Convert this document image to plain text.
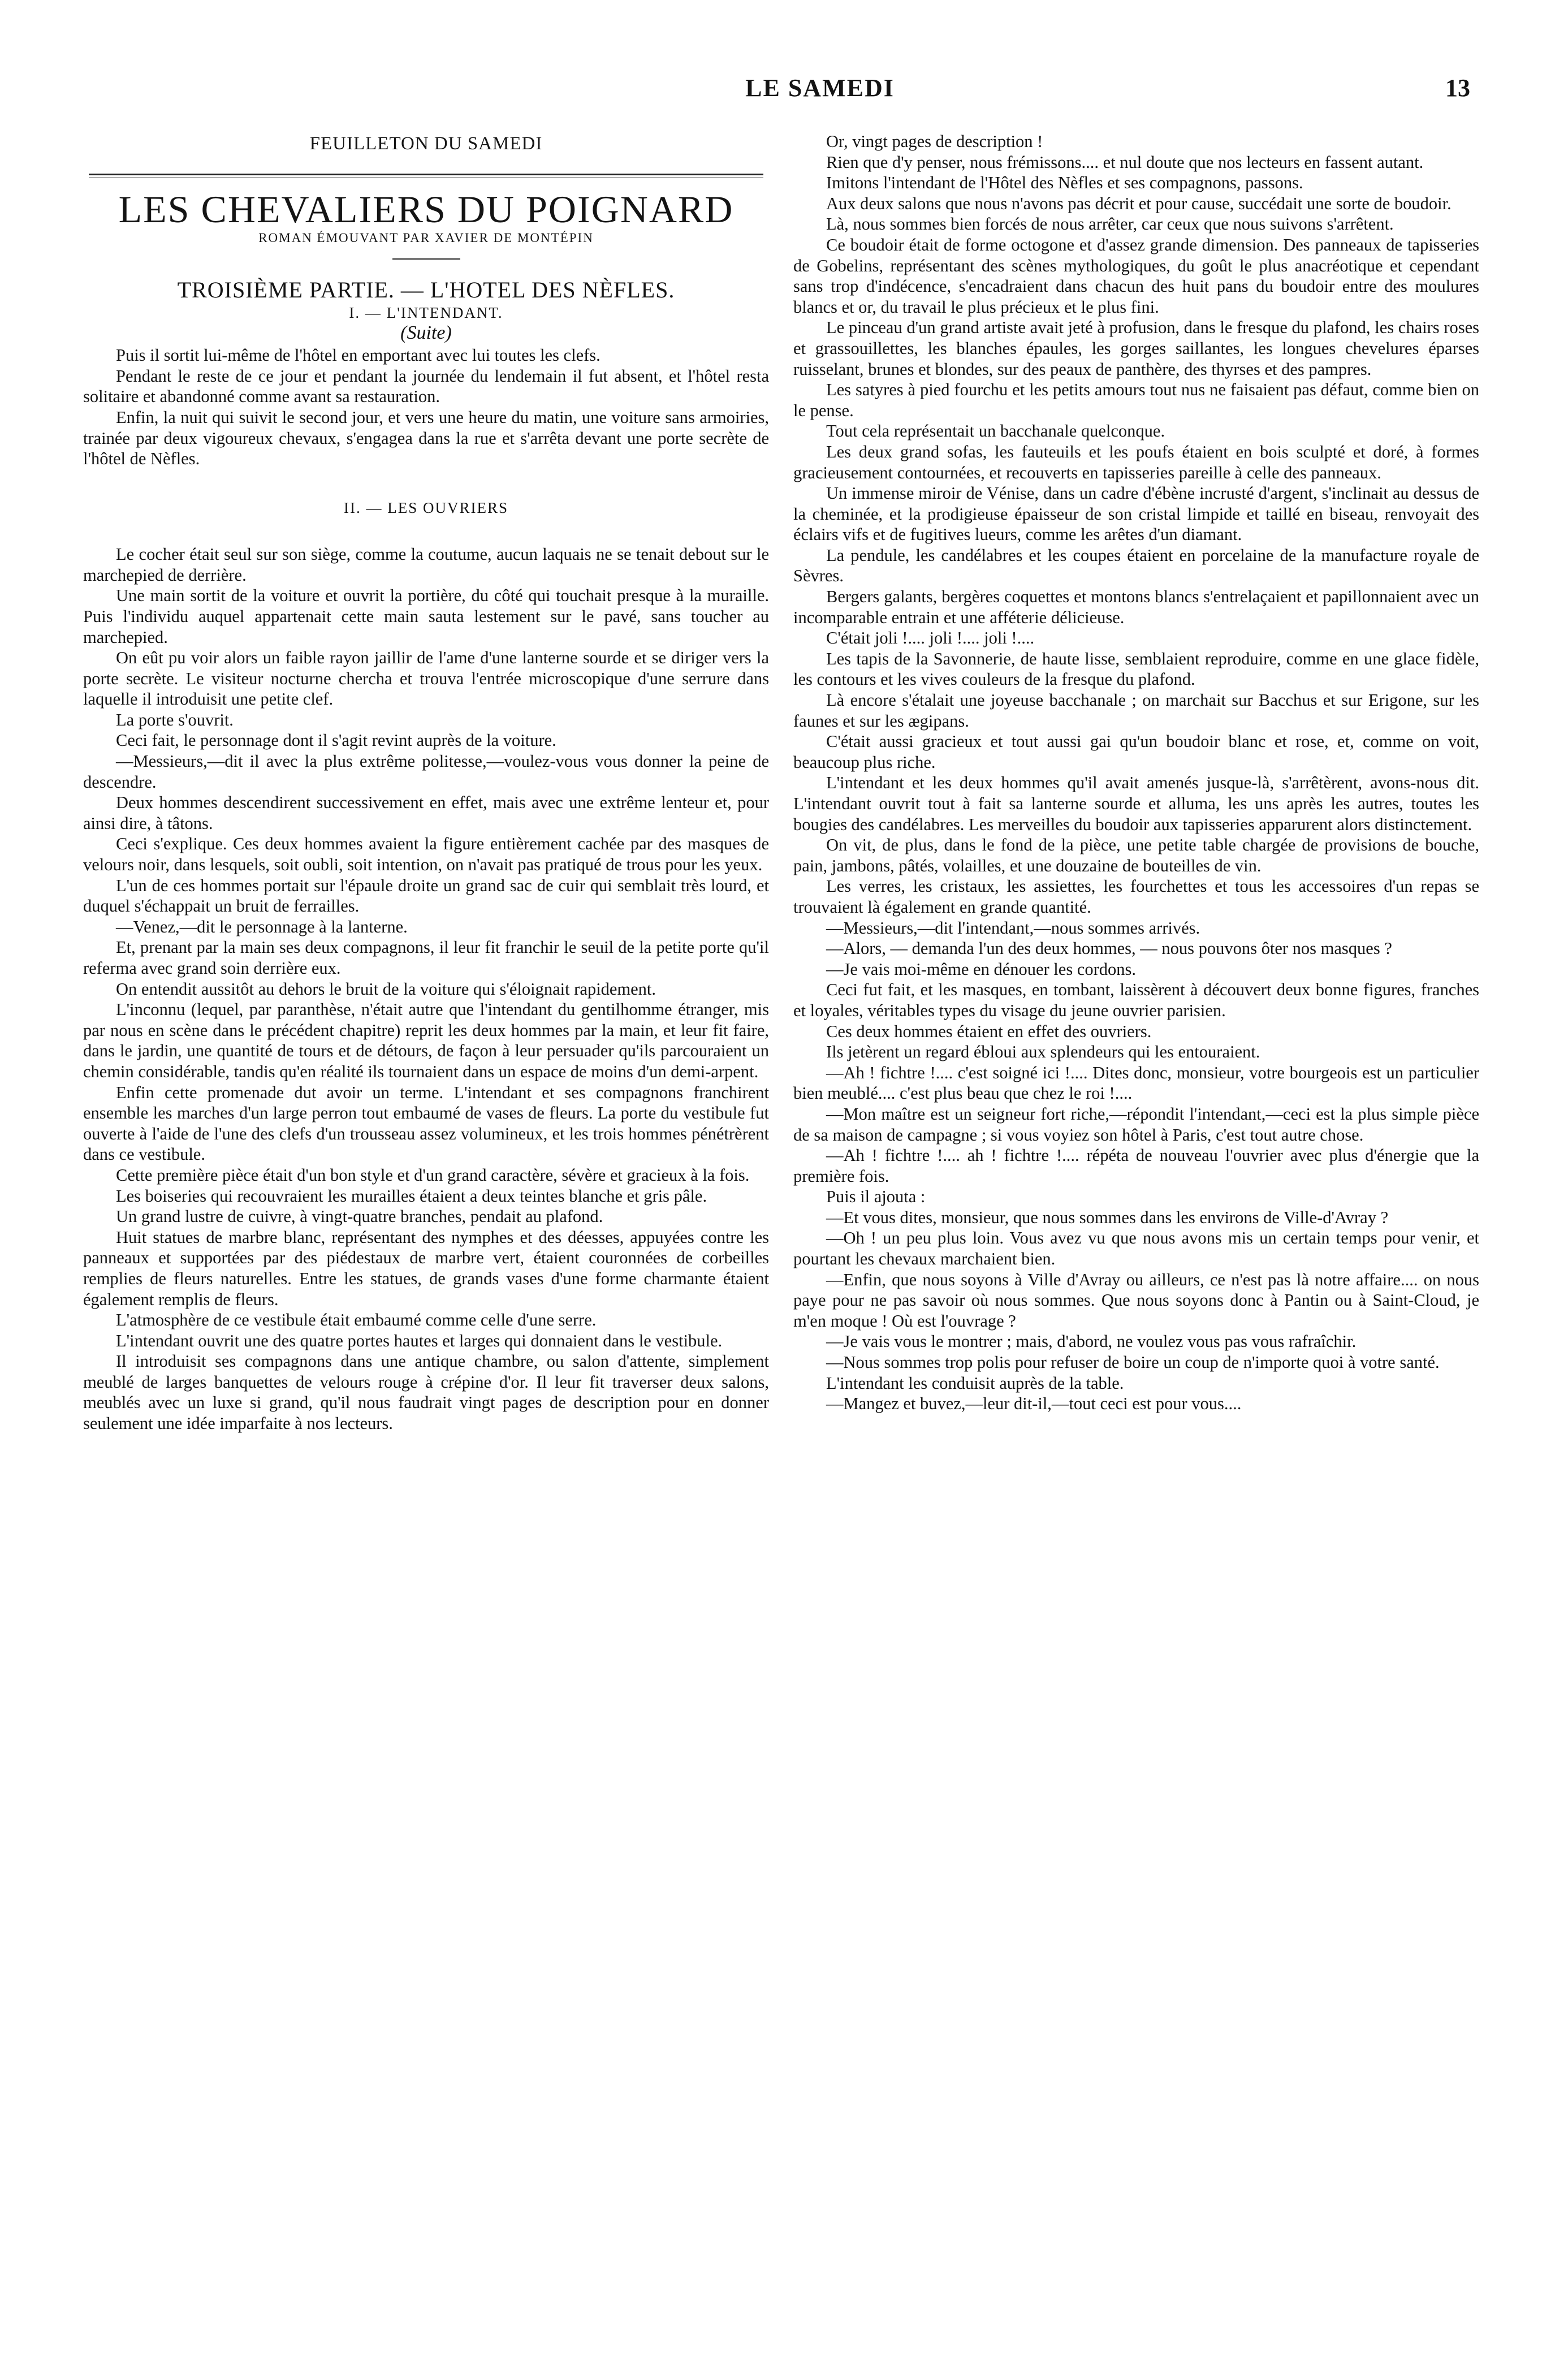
LE SAMEDI	13

FEUILLETON DU SAMEDI

LES CHEVALIERS DU POIGNARD

ROMAN ÉMOUVANT PAR XAVIER DE MONTÉPIN

TROISIÈME PARTIE. — L'HOTEL DES NÈFLES.

I. — L'INTENDANT.

(Suite)

Puis il sortit lui-même de l'hôtel en emportant avec lui toutes les clefs.

Pendant le reste de ce jour et pendant la journée du lendemain il fut absent, et l'hôtel resta solitaire et abandonné comme avant sa restauration.

Enfin, la nuit qui suivit le second jour, et vers une heure du matin, une voiture sans armoiries, trainée par deux vigoureux chevaux, s'engagea dans la rue et s'arrêta devant une porte secrète de l'hôtel de Nèfles.

II. — LES OUVRIERS

Le cocher était seul sur son siège, comme la coutume, aucun laquais ne se tenait debout sur le marchepied de derrière.

Une main sortit de la voiture et ouvrit la portière, du côté qui touchait presque à la muraille. Puis l'individu auquel appartenait cette main sauta lestement sur le pavé, sans toucher au marchepied.

On eût pu voir alors un faible rayon jaillir de l'ame d'une lanterne sourde et se diriger vers la porte secrète. Le visiteur nocturne chercha et trouva l'entrée microscopique d'une serrure dans laquelle il introduisit une petite clef.

La porte s'ouvrit.

Ceci fait, le personnage dont il s'agit revint auprès de la voiture.

—Messieurs,—dit il avec la plus extrême politesse,—voulez-vous vous donner la peine de descendre.

Deux hommes descendirent successivement en effet, mais avec une extrême lenteur et, pour ainsi dire, à tâtons.

Ceci s'explique. Ces deux hommes avaient la figure entièrement cachée par des masques de velours noir, dans lesquels, soit oubli, soit intention, on n'avait pas pratiqué de trous pour les yeux.

L'un de ces hommes portait sur l'épaule droite un grand sac de cuir qui semblait très lourd, et duquel s'échappait un bruit de ferrailles.

—Venez,—dit le personnage à la lanterne.

Et, prenant par la main ses deux compagnons, il leur fit franchir le seuil de la petite porte qu'il referma avec grand soin derrière eux.

On entendit aussitôt au dehors le bruit de la voiture qui s'éloignait rapidement.

L'inconnu (lequel, par paranthèse, n'était autre que l'intendant du gentilhomme étranger, mis par nous en scène dans le précédent chapitre) reprit les deux hommes par la main, et leur fit faire, dans le jardin, une quantité de tours et de détours, de façon à leur persuader qu'ils parcouraient un chemin considérable, tandis qu'en réalité ils tournaient dans un espace de moins d'un demi-arpent.

Enfin cette promenade dut avoir un terme. L'intendant et ses compagnons franchirent ensemble les marches d'un large perron tout embaumé de vases de fleurs. La porte du vestibule fut ouverte à l'aide de l'une des clefs d'un trousseau assez volumineux, et les trois hommes pénétrèrent dans ce vestibule.

Cette première pièce était d'un bon style et d'un grand caractère, sévère et gracieux à la fois.

Les boiseries qui recouvraient les murailles étaient a deux teintes blanche et gris pâle.

Un grand lustre de cuivre, à vingt-quatre branches, pendait au plafond.

Huit statues de marbre blanc, représentant des nymphes et des déesses, appuyées contre les panneaux et supportées par des piédestaux de marbre vert, étaient couronnées de corbeilles remplies de fleurs naturelles. Entre les statues, de grands vases d'une forme charmante étaient également remplis de fleurs.

L'atmosphère de ce vestibule était embaumé comme celle d'une serre.

L'intendant ouvrit une des quatre portes hautes et larges qui donnaient dans le vestibule.

Il introduisit ses compagnons dans une antique chambre, ou salon d'attente, simplement meublé de larges banquettes de velours rouge à crépine d'or. Il leur fit traverser deux salons, meublés avec un luxe si grand, qu'il nous faudrait vingt pages de description pour en donner seulement une idée imparfaite à nos lecteurs.

Or, vingt pages de description !

Rien que d'y penser, nous frémissons.... et nul doute que nos lecteurs en fassent autant.

Imitons l'intendant de l'Hôtel des Nèfles et ses compagnons, passons.

Aux deux salons que nous n'avons pas décrit et pour cause, succédait une sorte de boudoir.

Là, nous sommes bien forcés de nous arrêter, car ceux que nous suivons s'arrêtent.

Ce boudoir était de forme octogone et d'assez grande dimension. Des panneaux de tapisseries de Gobelins, représentant des scènes mythologiques, du goût le plus anacréotique et cependant sans trop d'indécence, s'encadraient dans chacun des huit pans du boudoir entre des moulures blancs et or, du travail le plus précieux et le plus fini.

Le pinceau d'un grand artiste avait jeté à profusion, dans le fresque du plafond, les chairs roses et grassouillettes, les blanches épaules, les gorges saillantes, les longues chevelures éparses ruisselant, brunes et blondes, sur des peaux de panthère, des thyrses et des pampres.

Les satyres à pied fourchu et les petits amours tout nus ne faisaient pas défaut, comme bien on le pense.

Tout cela représentait un bacchanale quelconque.

Les deux grand sofas, les fauteuils et les poufs étaient en bois sculpté et doré, à formes gracieusement contournées, et recouverts en tapisseries pareille à celle des panneaux.

Un immense miroir de Vénise, dans un cadre d'ébène incrusté d'argent, s'inclinait au dessus de la cheminée, et la prodigieuse épaisseur de son cristal limpide et taillé en biseau, renvoyait des éclairs vifs et de fugitives lueurs, comme les arêtes d'un diamant.

La pendule, les candélabres et les coupes étaient en porcelaine de la manufacture royale de Sèvres.

Bergers galants, bergères coquettes et montons blancs s'entrelaçaient et papillonnaient avec un incomparable entrain et une afféterie délicieuse.

C'était joli !.... joli !.... joli !....

Les tapis de la Savonnerie, de haute lisse, semblaient reproduire, comme en une glace fidèle, les contours et les vives couleurs de la fresque du plafond.

Là encore s'étalait une joyeuse bacchanale ; on marchait sur Bacchus et sur Erigone, sur les faunes et sur les ægipans.

C'était aussi gracieux et tout aussi gai qu'un boudoir blanc et rose, et, comme on voit, beaucoup plus riche.

L'intendant et les deux hommes qu'il avait amenés jusque-là, s'arrêtèrent, avons-nous dit. L'intendant ouvrit tout à fait sa lanterne sourde et alluma, les uns après les autres, toutes les bougies des candélabres. Les merveilles du boudoir aux tapisseries apparurent alors distinctement.

On vit, de plus, dans le fond de la pièce, une petite table chargée de provisions de bouche, pain, jambons, pâtés, volailles, et une douzaine de bouteilles de vin.

Les verres, les cristaux, les assiettes, les fourchettes et tous les accessoires d'un repas se trouvaient là également en grande quantité.

—Messieurs,—dit l'intendant,—nous sommes arrivés.

—Alors, — demanda l'un des deux hommes, — nous pouvons ôter nos masques ?

—Je vais moi-même en dénouer les cordons.

Ceci fut fait, et les masques, en tombant, laissèrent à découvert deux bonne figures, franches et loyales, véritables types du visage du jeune ouvrier parisien.

Ces deux hommes étaient en effet des ouvriers.

Ils jetèrent un regard ébloui aux splendeurs qui les entouraient.

—Ah ! fichtre !.... c'est soigné ici !.... Dites donc, monsieur, votre bourgeois est un particulier bien meublé.... c'est plus beau que chez le roi !....

—Mon maître est un seigneur fort riche,—répondit l'intendant,—ceci est la plus simple pièce de sa maison de campagne ; si vous voyiez son hôtel à Paris, c'est tout autre chose.

—Ah ! fichtre !.... ah ! fichtre !.... répéta de nouveau l'ouvrier avec plus d'énergie que la première fois.

Puis il ajouta :

—Et vous dites, monsieur, que nous sommes dans les environs de Ville-d'Avray ?

—Oh ! un peu plus loin. Vous avez vu que nous avons mis un certain temps pour venir, et pourtant les chevaux marchaient bien.

—Enfin, que nous soyons à Ville d'Avray ou ailleurs, ce n'est pas là notre affaire.... on nous paye pour ne pas savoir où nous sommes. Que nous soyons donc à Pantin ou à Saint-Cloud, je m'en moque ! Où est l'ouvrage ?

—Je vais vous le montrer ; mais, d'abord, ne voulez vous pas vous rafraîchir.

—Nous sommes trop polis pour refuser de boire un coup de n'importe quoi à votre santé.

L'intendant les conduisit auprès de la table.

—Mangez et buvez,—leur dit-il,—tout ceci est pour vous....
